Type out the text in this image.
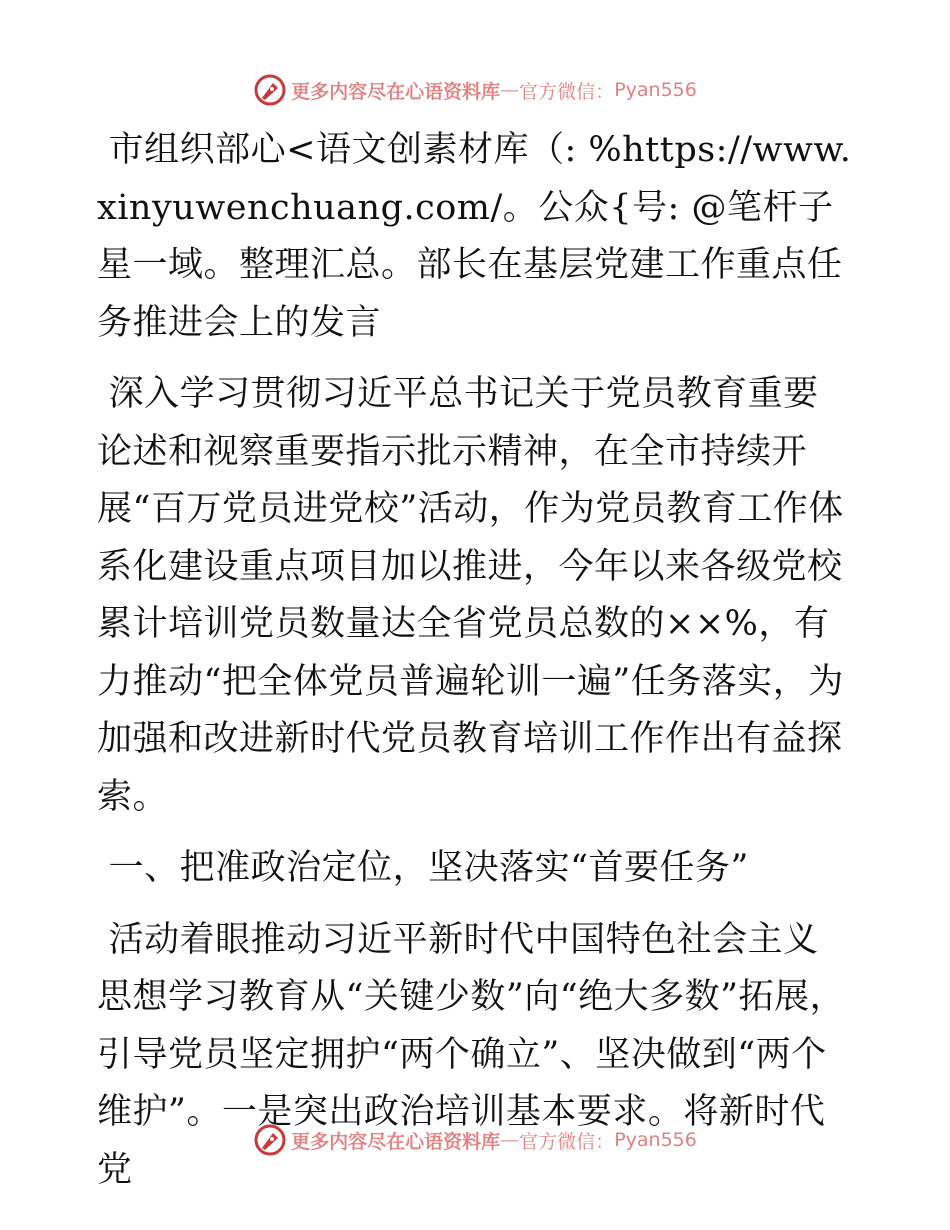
更多内容尽在心语资料库 — 官方微信： Pyan556

市组织部心<语文创素材库（: %https://www.xinyuwenchuang.com/。公众{号: @笔杆子星一域。整理汇总。部长在基层党建工作重点任务推进会上的发言

深入学习贯彻习近平总书记关于党员教育重要论述和视察重要指示批示精神，在全市持续开展“百万党员进党校”活动，作为党员教育工作体系化建设重点项目加以推进，今年以来各级党校累计培训党员数量达全省党员总数的××%，有力推动“把全体党员普遍轮训一遍”任务落实，为加强和改进新时代党员教育培训工作作出有益探索。

一、把准政治定位，坚决落实“首要任务”

活动着眼推动习近平新时代中国特色社会主义思想学习教育从“关键少数”向“绝大多数”拓展，引导党员坚定拥护“两个确立”、坚决做到“两个维护”。一是突出政治培训基本要求。将新时代党

更多内容尽在心语资料库 — 官方微信： Pyan556
